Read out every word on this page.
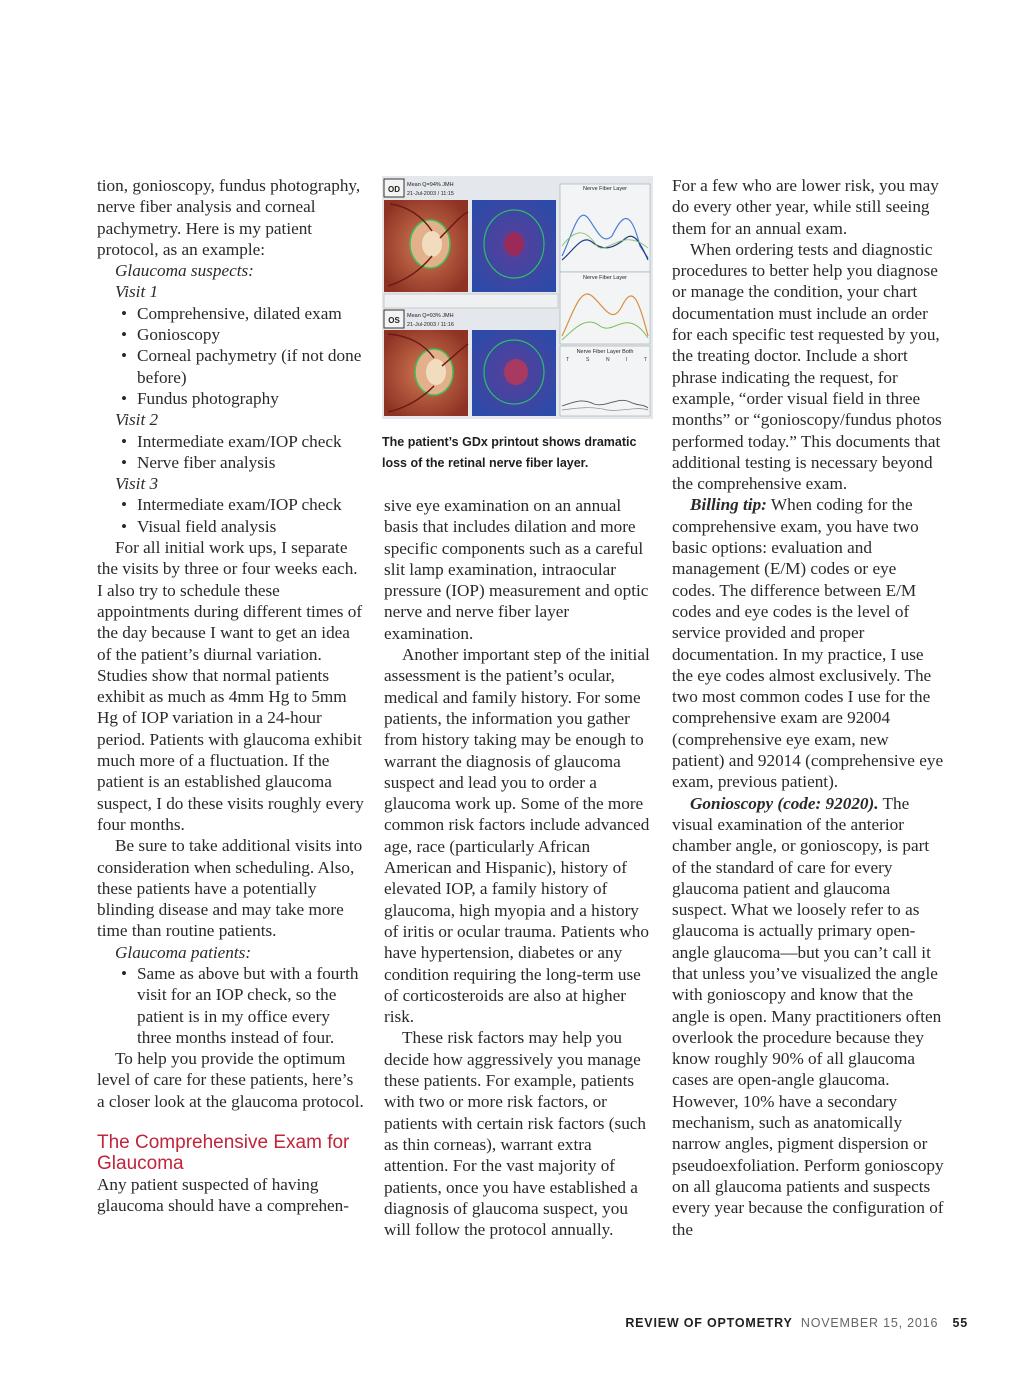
tion, gonioscopy, fundus photography, nerve fiber analysis and corneal pachymetry. Here is my patient protocol, as an example:

Glaucoma suspects:

Visit 1

• Comprehensive, dilated exam
• Gonioscopy
• Corneal pachymetry (if not done before)
• Fundus photography

Visit 2

• Intermediate exam/IOP check
• Nerve fiber analysis

Visit 3

• Intermediate exam/IOP check
• Visual field analysis

For all initial work ups, I separate the visits by three or four weeks each. I also try to schedule these appointments during different times of the day because I want to get an idea of the patient’s diurnal variation. Studies show that normal patients exhibit as much as 4mm Hg to 5mm Hg of IOP variation in a 24-hour period. Patients with glaucoma exhibit much more of a fluctuation. If the patient is an established glaucoma suspect, I do these visits roughly every four months.

Be sure to take additional visits into consideration when scheduling. Also, these patients have a potentially blinding disease and may take more time than routine patients.

Glaucoma patients:

• Same as above but with a fourth visit for an IOP check, so the patient is in my office every three months instead of four.

To help you provide the optimum level of care for these patients, here’s a closer look at the glaucoma protocol.

The Comprehensive Exam for Glaucoma

Any patient suspected of having glaucoma should have a comprehen-

OD Mean Q=94% JMH
21-Jul-2003 / 11:15
Nerve Fiber Layer
Nerve Fiber Layer
OS Mean Q=93% JMH
21-Jul-2003 / 11:16
Nerve Fiber Layer Both
T	S	N	I	T

The patient’s GDx printout shows dramatic loss of the retinal nerve fiber layer.

sive eye examination on an annual basis that includes dilation and more specific components such as a careful slit lamp examination, intraocular pressure (IOP) measurement and optic nerve and nerve fiber layer examination.

Another important step of the initial assessment is the patient’s ocular, medical and family history. For some patients, the information you gather from history taking may be enough to warrant the diagnosis of glaucoma suspect and lead you to order a glaucoma work up. Some of the more common risk factors include advanced age, race (particularly African American and Hispanic), history of elevated IOP, a family history of glaucoma, high myopia and a history of iritis or ocular trauma. Patients who have hypertension, diabetes or any condition requiring the long-term use of corticosteroids are also at higher risk.

These risk factors may help you decide how aggressively you manage these patients. For example, patients with two or more risk factors, or patients with certain risk factors (such as thin corneas), warrant extra attention. For the vast majority of patients, once you have established a diagnosis of glaucoma suspect, you will follow the protocol annually.

For a few who are lower risk, you may do every other year, while still seeing them for an annual exam.

When ordering tests and diagnostic procedures to better help you diagnose or manage the condition, your chart documentation must include an order for each specific test requested by you, the treating doctor. Include a short phrase indicating the request, for example, “order visual field in three months” or “gonioscopy/fundus photos performed today.” This documents that additional testing is necessary beyond the comprehensive exam.

Billing tip: When coding for the comprehensive exam, you have two basic options: evaluation and management (E/M) codes or eye codes. The difference between E/M codes and eye codes is the level of service provided and proper documentation. In my practice, I use the eye codes almost exclusively. The two most common codes I use for the comprehensive exam are 92004 (comprehensive eye exam, new patient) and 92014 (comprehensive eye exam, previous patient).

Gonioscopy (code: 92020). The visual examination of the anterior chamber angle, or gonioscopy, is part of the standard of care for every glaucoma patient and glaucoma suspect. What we loosely refer to as glaucoma is actually primary open-angle glaucoma—but you can’t call it that unless you’ve visualized the angle with gonioscopy and know that the angle is open. Many practitioners often overlook the procedure because they know roughly 90% of all glaucoma cases are open-angle glaucoma. However, 10% have a secondary mechanism, such as anatomically narrow angles, pigment dispersion or pseudoexfoliation. Perform gonioscopy on all glaucoma patients and suspects every year because the configuration of the

REVIEW OF OPTOMETRY NOVEMBER 15, 2016 55
